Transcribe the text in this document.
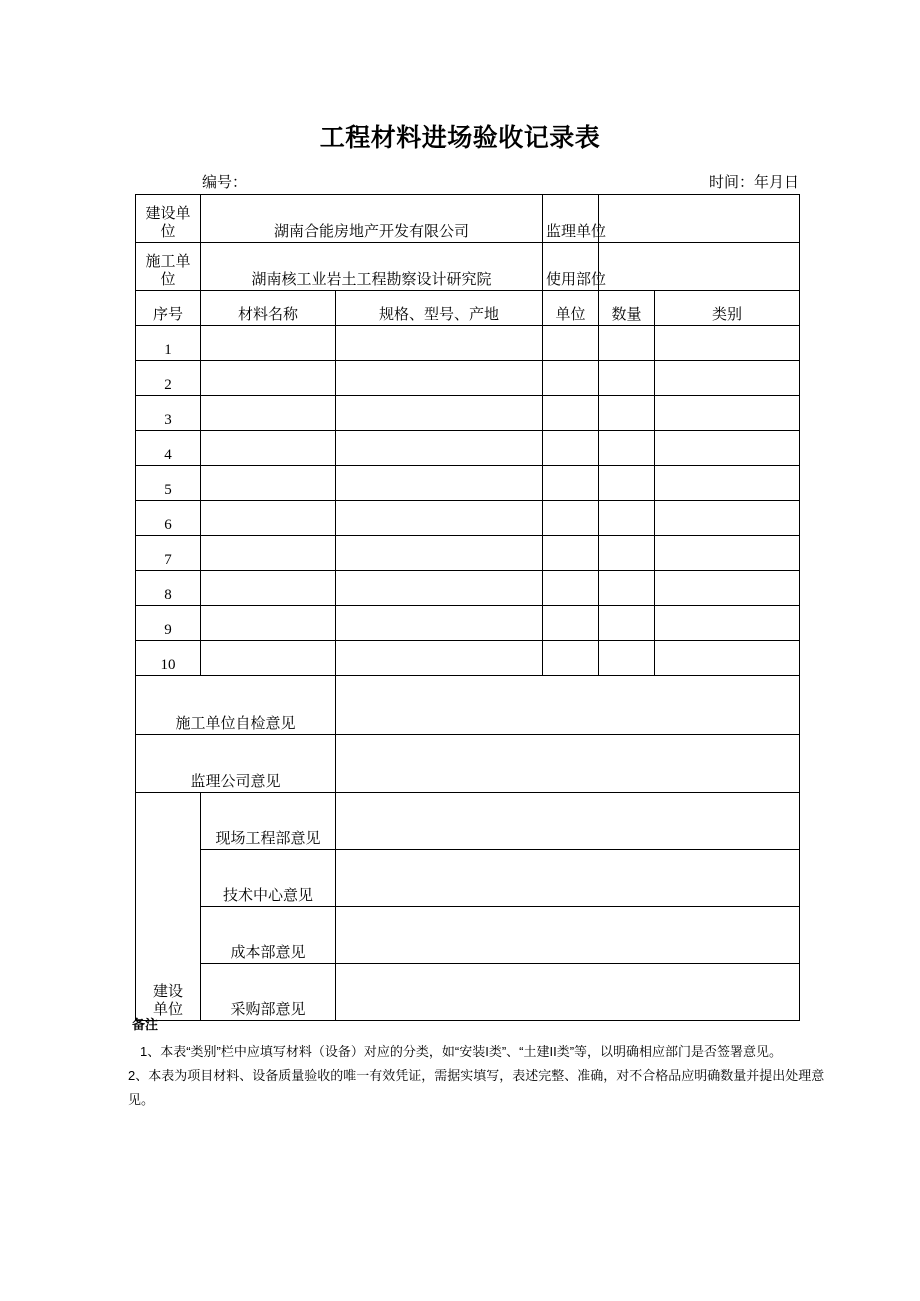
工程材料进场验收记录表
编号：	时间：年月日
建设单位	湖南合能房地产开发有限公司		监理单位		
施工单位	湖南核工业岩土工程勘察设计研究院		使用部位		
序号	材料名称	规格、型号、产地	单位	数量	类别
1					
2					
3					
4					
5					
6					
7					
8					
9					
10					
施工单位自检意见					
监理公司意见					
建设
单位	现场工程部意见				
	技术中心意见				
	成本部意见				
	采购部意见				
备注
1、本表“类别”栏中应填写材料（设备）对应的分类，如“安装I类”、“土建II类”等，以明确相应部门是否签署意见。
2、本表为项目材料、设备质量验收的唯一有效凭证，需据实填写，表述完整、准确，对不合格品应明确数量并提出处理意见。
